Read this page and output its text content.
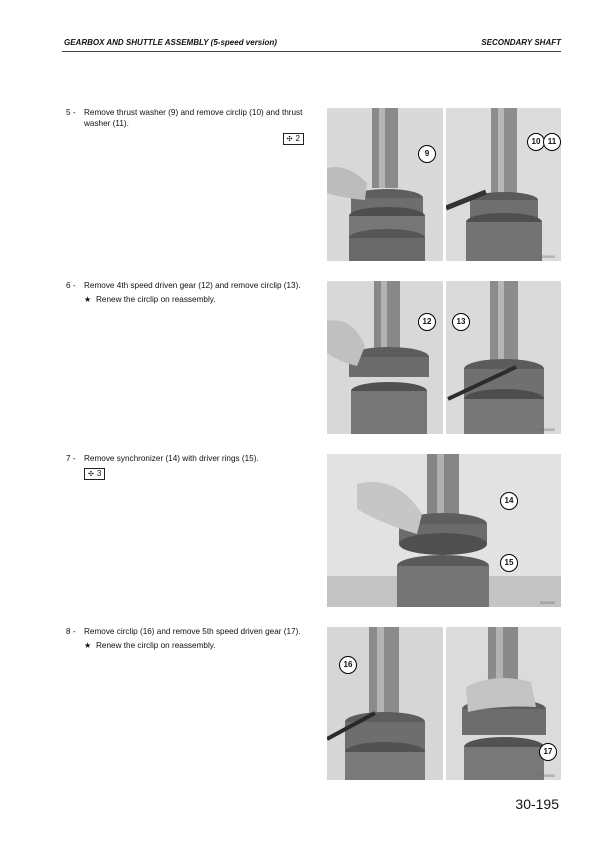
GEARBOX AND SHUTTLE ASSEMBLY (5-speed version)	SECONDARY SHAFT
5 - Remove thrust washer (9) and remove circlip (10) and thrust washer (11).
✣ 2
6 - Remove 4th speed driven gear (12) and remove circlip (13).
★ Renew the circlip on reassembly.
7 - Remove synchronizer (14) with driver rings (15).
✣ 3
8 - Remove circlip (16) and remove 5th speed driven gear (17).
★ Renew the circlip on reassembly.
9
10 11
RD99000
12	13
RD99000
14
15
RD99000
16
17
RD99000
30-195
